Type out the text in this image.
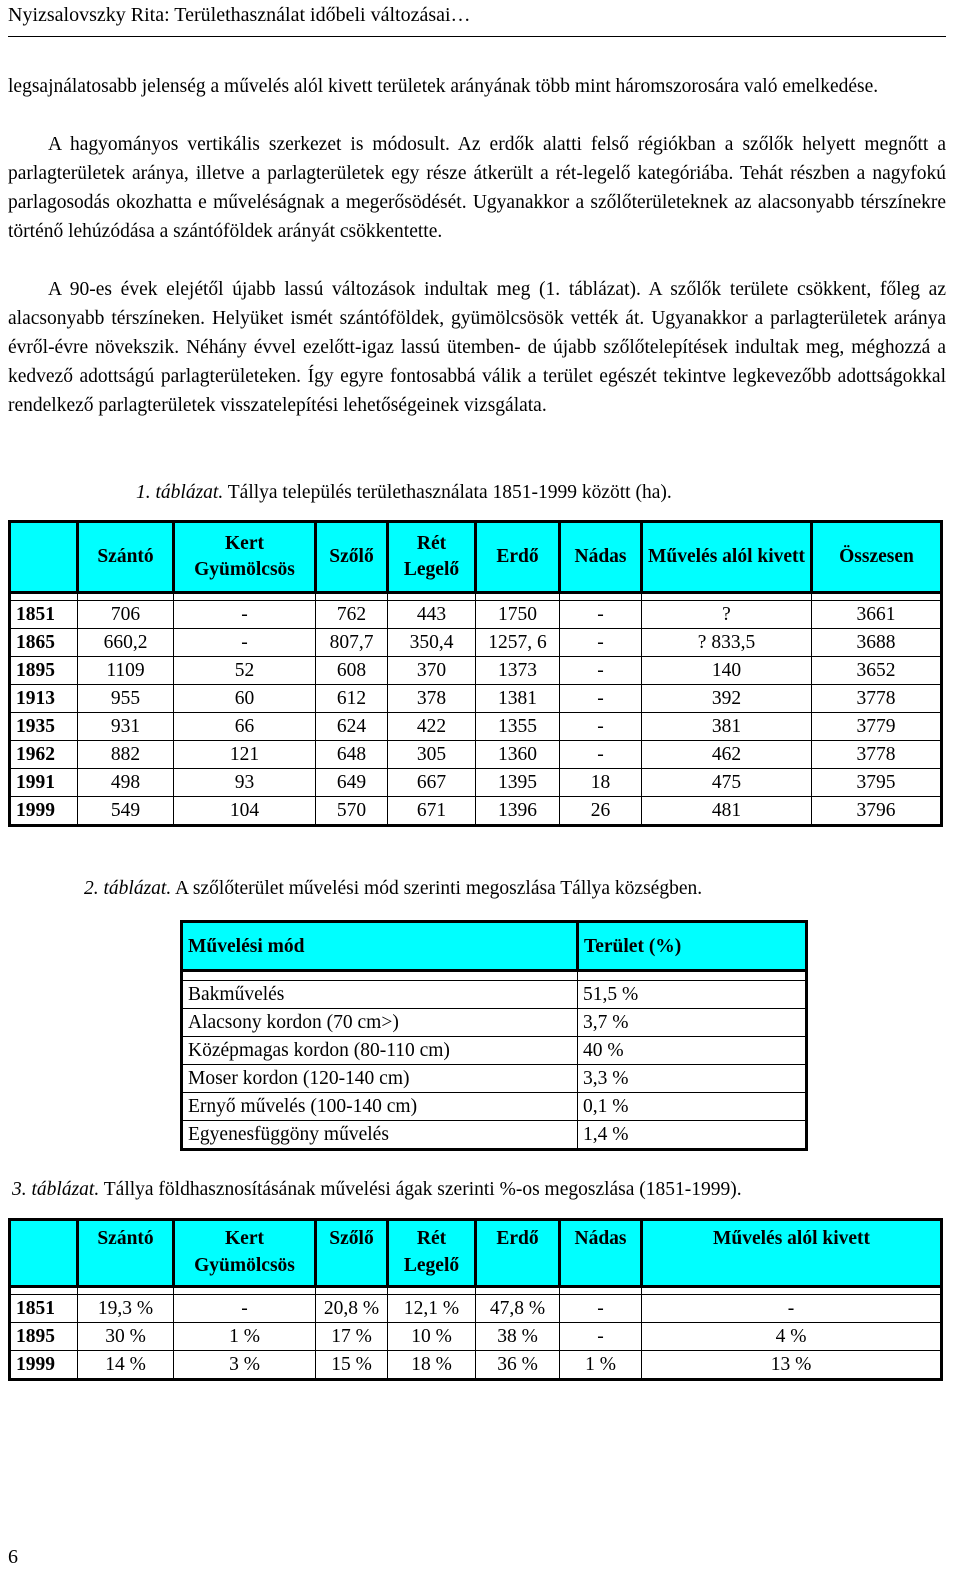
Nyizsalovszky Rita: Területhasználat időbeli változásai…

legsajnálatosabb jelenség a művelés alól kivett területek arányának több mint háromszorosára való emelkedése.

A hagyományos vertikális szerkezet is módosult. Az erdők alatti felső régiókban a szőlők helyett megnőtt a parlagterületek aránya, illetve a parlagterületek egy része átkerült a rét-legelő kategóriába. Tehát részben a nagyfokú parlagosodás okozhatta e műveléságnak a megerősödését. Ugyanakkor a szőlőterületeknek az alacsonyabb térszínekre történő lehúzódása a szántóföldek arányát csökkentette.

A 90-es évek elejétől újabb lassú változások indultak meg (1. táblázat). A szőlők területe csökkent, főleg az alacsonyabb térszíneken. Helyüket ismét szántóföldek, gyümölcsösök vették át. Ugyanakkor a parlagterületek aránya évről-évre növekszik. Néhány évvel ezelőtt-igaz lassú ütemben- de újabb szőlőtelepítések indultak meg, méghozzá a kedvező adottságú parlagterületeken. Így egyre fontosabbá válik a terület egészét tekintve legkevezőbb adottságokkal rendelkező parlagterületek visszatelepítési lehetőségeinek vizsgálata.

1. táblázat. Tállya település területhasználata 1851-1999 között (ha).
	Szántó	Kert Gyümölcsös	Szőlő	Rét Legelő	Erdő	Nádas	Művelés alól kivett	Összesen

1851	706	-	762	443	1750	-	?	3661
1865	660,2	-	807,7	350,4	1257, 6	-	? 833,5	3688
1895	1109	52	608	370	1373	-	140	3652
1913	955	60	612	378	1381	-	392	3778
1935	931	66	624	422	1355	-	381	3779
1962	882	121	648	305	1360	-	462	3778
1991	498	93	649	667	1395	18	475	3795
1999	549	104	570	671	1396	26	481	3796
2. táblázat. A szőlőterület művelési mód szerinti megoszlása Tállya községben.
Művelési mód	Terület (%)

Bakművelés	51,5 %
Alacsony kordon (70 cm>)	3,7 %
Középmagas kordon (80-110 cm)	40 %
Moser kordon (120-140 cm)	3,3 %
Ernyő művelés (100-140 cm)	0,1 %
Egyenesfüggöny művelés	1,4 %
3. táblázat. Tállya földhasznosításának művelési ágak szerinti %-os megoszlása (1851-1999).
	Szántó	Kert Gyümölcsös	Szőlő	Rét Legelő	Erdő	Nádas	Művelés alól kivett

1851	19,3 %	-	20,8 %	12,1 %	47,8 %	-	-
1895	30 %	1 %	17 %	10 %	38 %	-	4 %
1999	14 %	3 %	15 %	18 %	36 %	1 %	13 %
6
